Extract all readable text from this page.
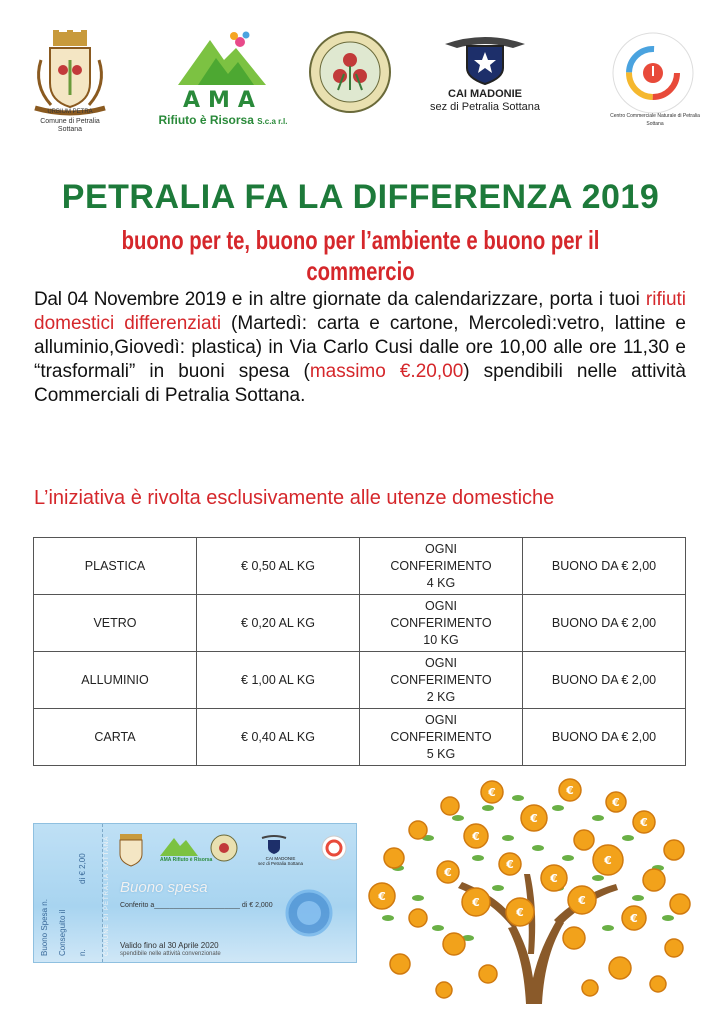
URBIUM PETRA
Comune di Petralia Sottana
AMA
Rifiuto è Risorsa S.c.a r.l.
CAI MADONIE
sez di Petralia Sottana
Centro Commerciale Naturale di Petralia Sottana
PETRALIA FA LA DIFFERENZA 2019
buono per te, buono per l’ambiente e buono per il commercio
Dal 04 Novembre 2019 e in altre giornate da calendarizzare, porta i tuoi rifiuti domestici differenziati (Martedì: carta e cartone, Mercoledì:vetro, lattine e alluminio,Giovedì: plastica) in Via Carlo Cusi dalle ore 10,00 alle ore 11,30 e “trasformali” in buoni spesa (massimo €.20,00) spendibili nelle attività Commerciali di Petralia Sottana.
L’iniziativa è rivolta esclusivamente alle utenze domestiche
PLASTICA	€ 0,50 AL KG	OGNI
CONFERIMENTO
4 KG	BUONO DA € 2,00
VETRO	€ 0,20 AL KG	OGNI
CONFERIMENTO
10 KG	BUONO DA € 2,00
ALLUMINIO	€ 1,00 AL KG	OGNI
CONFERIMENTO
2 KG	BUONO DA € 2,00
CARTA	€ 0,40 AL KG	OGNI
CONFERIMENTO
5 KG	BUONO DA € 2,00
Buono Spesa n. Conseguito il
di € 2,00
n.	COMUNE DI PETRALIA SOTTANA	AMA Rifiuto è Risorsa	CAI MADONIE
sez di Petralia Sottana
Buono spesa
Conferito a______________________ di € 2,000
Valido fino al 30 Aprile 2020
spendibile nelle attività convenzionate
€	€
€
€
€
€
€
€	€	€
€	€
€
€
€
